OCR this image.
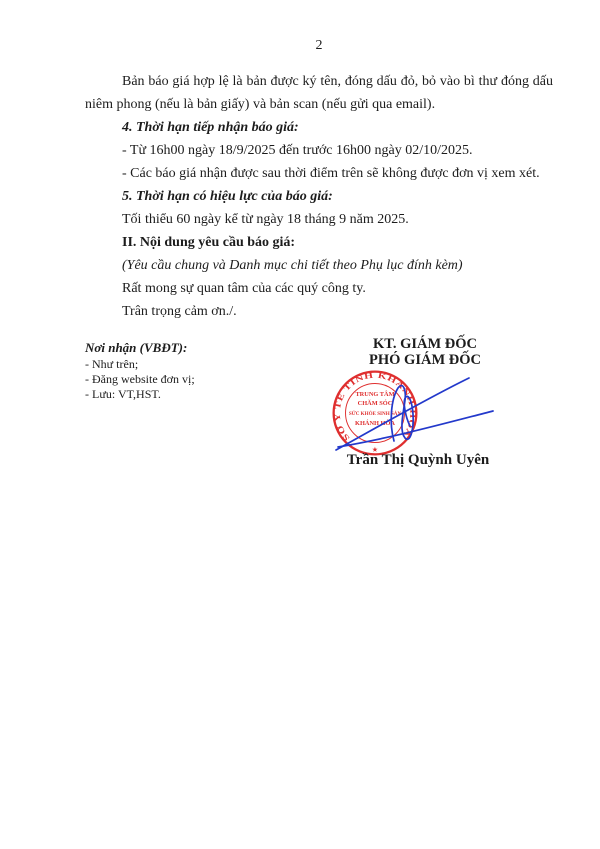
2

Bản báo giá hợp lệ là bản được ký tên, đóng dấu đỏ, bỏ vào bì thư đóng dấu niêm phong (nếu là bản giấy) và bản scan (nếu gửi qua email).

4. Thời hạn tiếp nhận báo giá:
- Từ 16h00 ngày 18/9/2025 đến trước 16h00 ngày 02/10/2025.
- Các báo giá nhận được sau thời điểm trên sẽ không được đơn vị xem xét.
5. Thời hạn có hiệu lực của báo giá:
Tối thiểu 60 ngày kể từ ngày 18 tháng 9 năm 2025.
II. Nội dung yêu cầu báo giá:
(Yêu cầu chung và Danh mục chi tiết theo Phụ lục đính kèm)
Rất mong sự quan tâm của các quý công ty.
Trân trọng cảm ơn./.
Nơi nhận (VBĐT):
- Như trên;
- Đăng website đơn vị;
- Lưu: VT,HST.
KT. GIÁM ĐỐC
PHÓ GIÁM ĐỐC
SỞ Y TẾ TỈNH KHÁNH HÒA
TRUNG TÂM
CHĂM SÓC
SỨC KHỎE SINH SẢN
KHÁNH HÒA
★
Trần Thị Quỳnh Uyên
